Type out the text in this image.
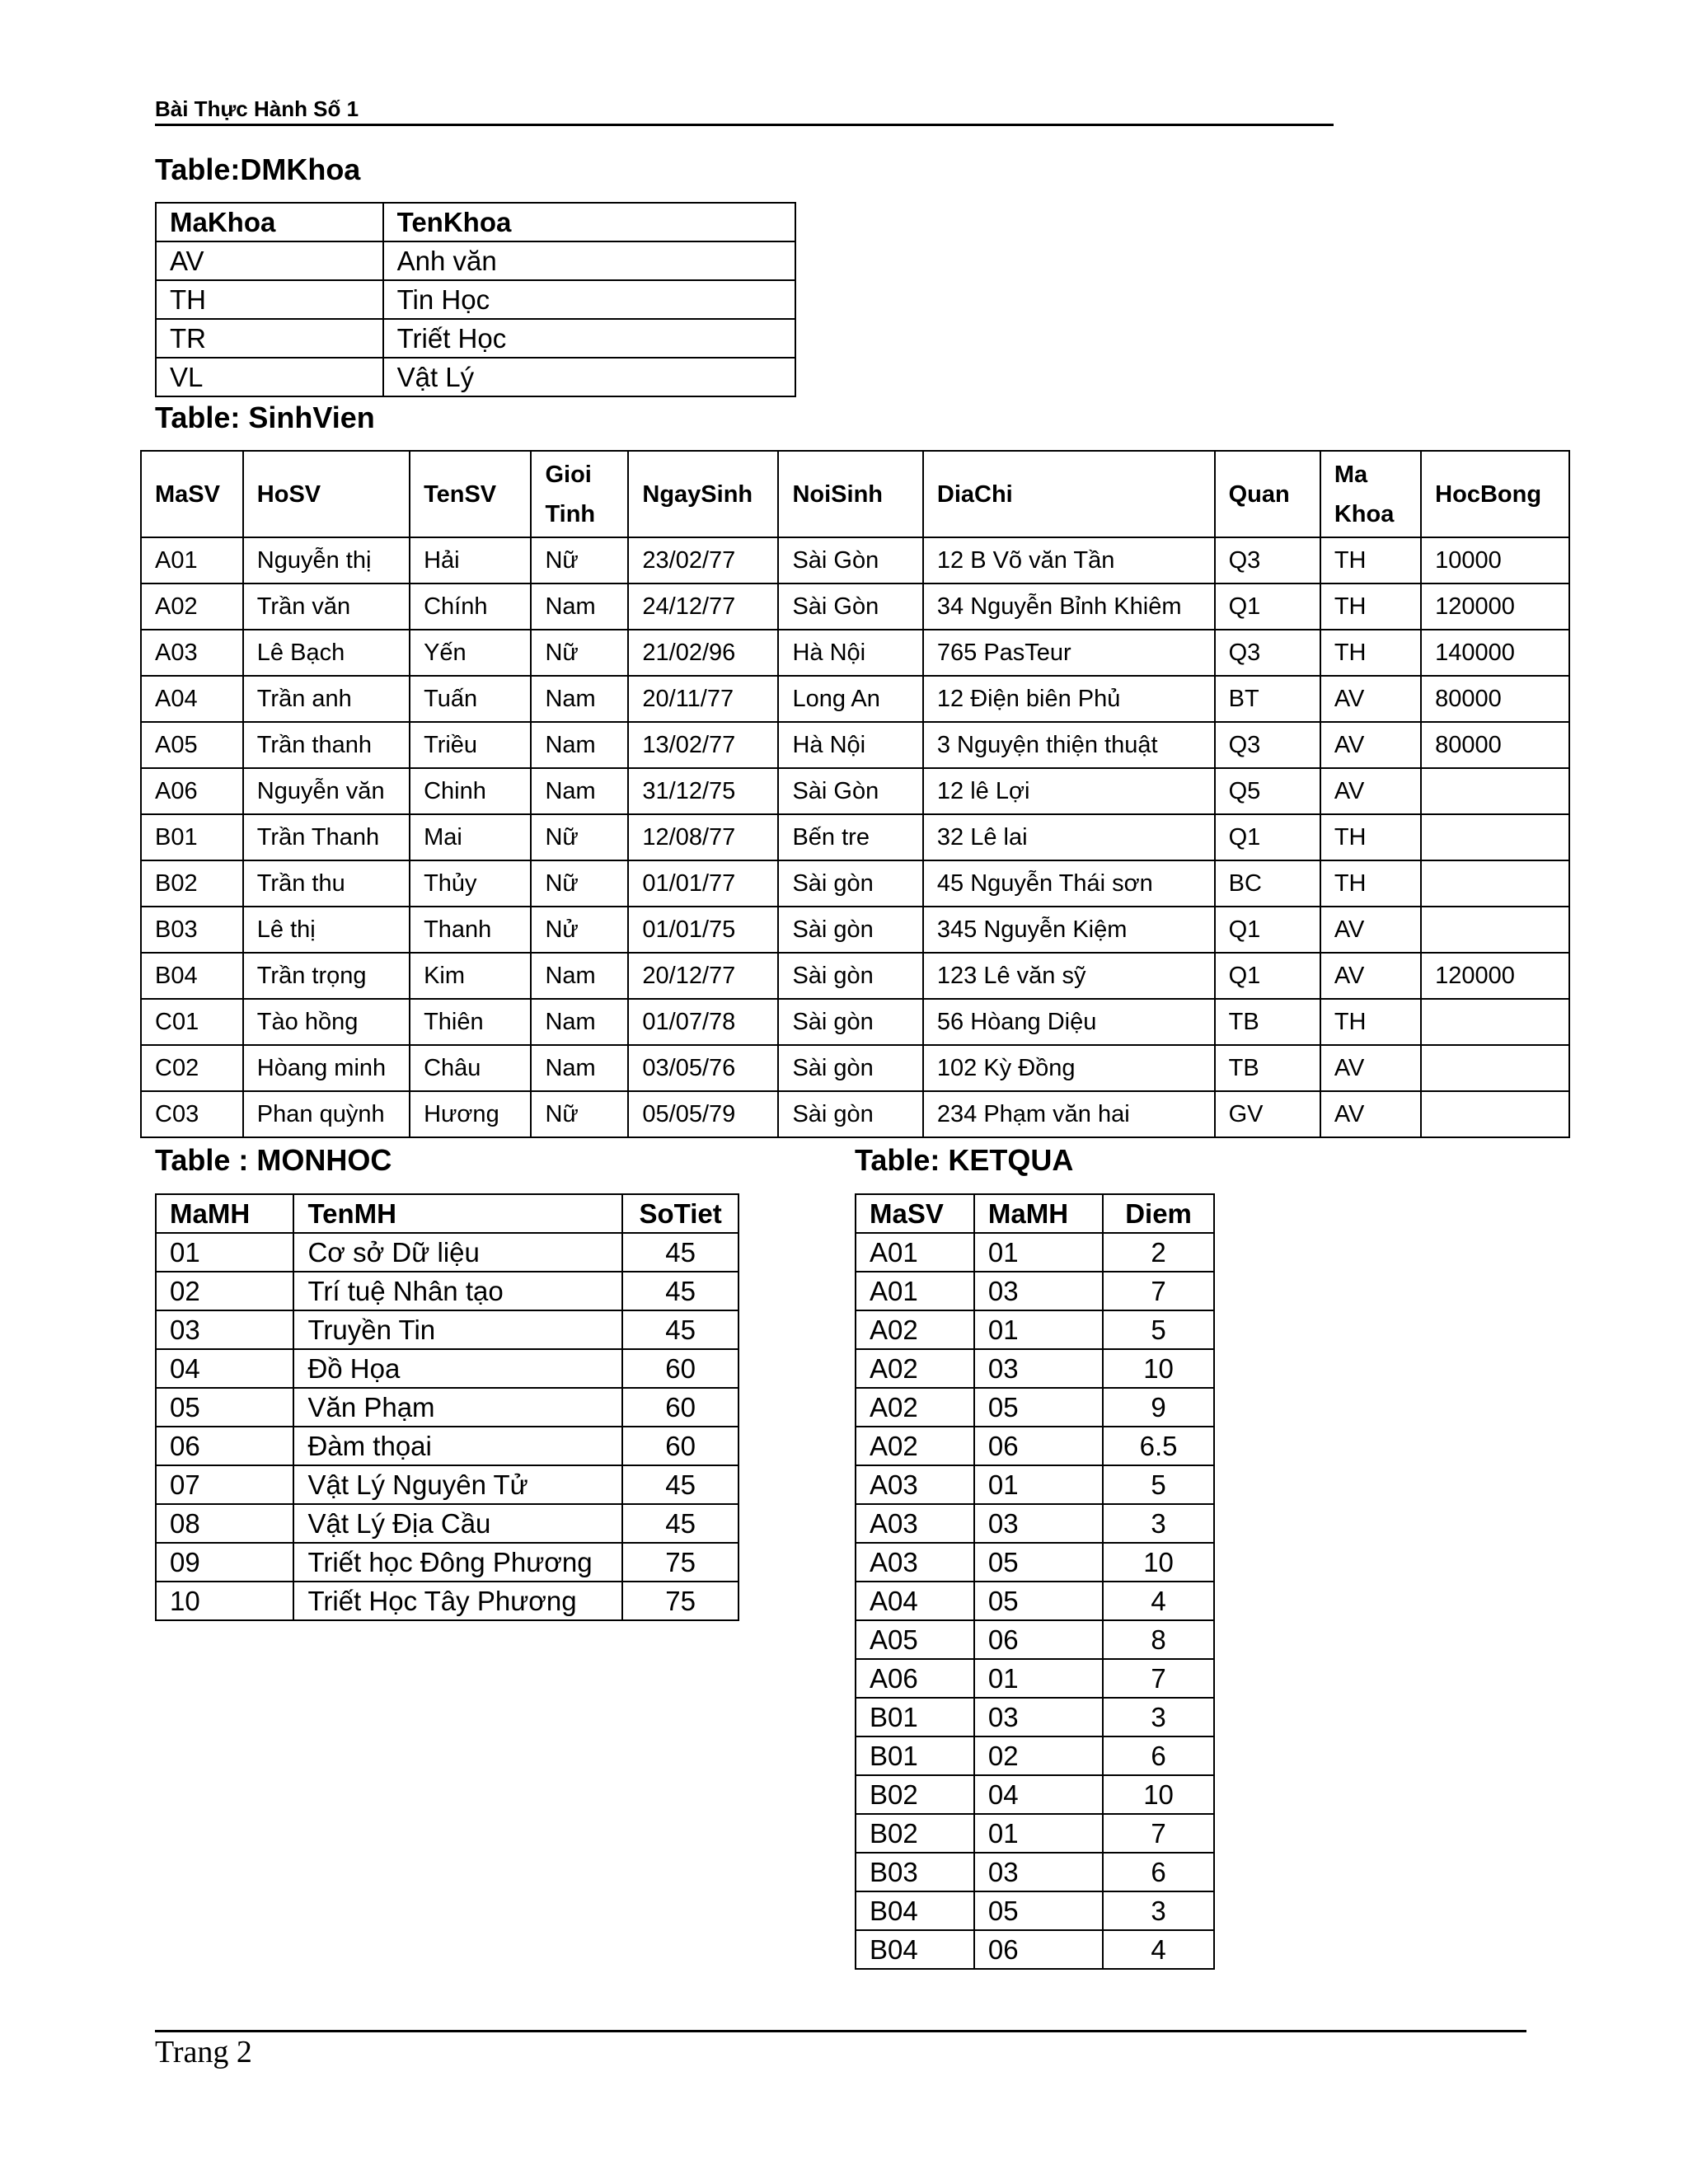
Bài Thực Hành Số 1
Table:DMKhoa
MaKhoa	TenKhoa
AV	Anh văn
TH	Tin Học
TR	Triết Học
VL	Vật Lý
Table: SinhVien
MaSV	HoSV	TenSV	Gioi Tinh	NgaySinh	NoiSinh	DiaChi	Quan	Ma Khoa	HocBong
A01	Nguyễn thị	Hải	Nữ	23/02/77	Sài Gòn	12 B Võ văn Tần	Q3	TH	10000
A02	Trần văn	Chính	Nam	24/12/77	Sài Gòn	34 Nguyễn Bỉnh Khiêm	Q1	TH	120000
A03	Lê Bạch	Yến	Nữ	21/02/96	Hà Nội	765 PasTeur	Q3	TH	140000
A04	Trần anh	Tuấn	Nam	20/11/77	Long An	12 Điện biên Phủ	BT	AV	80000
A05	Trần thanh	Triều	Nam	13/02/77	Hà Nội	3 Nguyện thiện thuật	Q3	AV	80000
A06	Nguyễn văn	Chinh	Nam	31/12/75	Sài Gòn	12 lê Lợi	Q5	AV	
B01	Trần Thanh	Mai	Nữ	12/08/77	Bến tre	32 Lê lai	Q1	TH	
B02	Trần thu	Thủy	Nữ	01/01/77	Sài gòn	45 Nguyễn Thái sơn	BC	TH	
B03	Lê thị	Thanh	Nử	01/01/75	Sài gòn	345 Nguyễn Kiệm	Q1	AV	
B04	Trần trọng	Kim	Nam	20/12/77	Sài gòn	123 Lê văn sỹ	Q1	AV	120000
C01	Tào hồng	Thiên	Nam	01/07/78	Sài gòn	56 Hòang Diệu	TB	TH	
C02	Hòang minh	Châu	Nam	03/05/76	Sài gòn	102 Kỳ Đồng	TB	AV	
C03	Phan quỳnh	Hương	Nữ	05/05/79	Sài gòn	234 Phạm văn hai	GV	AV	
Table : MONHOC
MaMH	TenMH	SoTiet
01	Cơ sở Dữ liệu	45
02	Trí tuệ Nhân tạo	45
03	Truyền Tin	45
04	Đồ Họa	60
05	Văn Phạm	60
06	Đàm thọai	60
07	Vật Lý Nguyên Tử	45
08	Vật Lý Địa Cầu	45
09	Triết học Đông Phương	75
10	Triết Học Tây Phương	75
Table: KETQUA
MaSV	MaMH	Diem
A01	01	2
A01	03	7
A02	01	5
A02	03	10
A02	05	9
A02	06	6.5
A03	01	5
A03	03	3
A03	05	10
A04	05	4
A05	06	8
A06	01	7
B01	03	3
B01	02	6
B02	04	10
B02	01	7
B03	03	6
B04	05	3
B04	06	4
Trang 2
